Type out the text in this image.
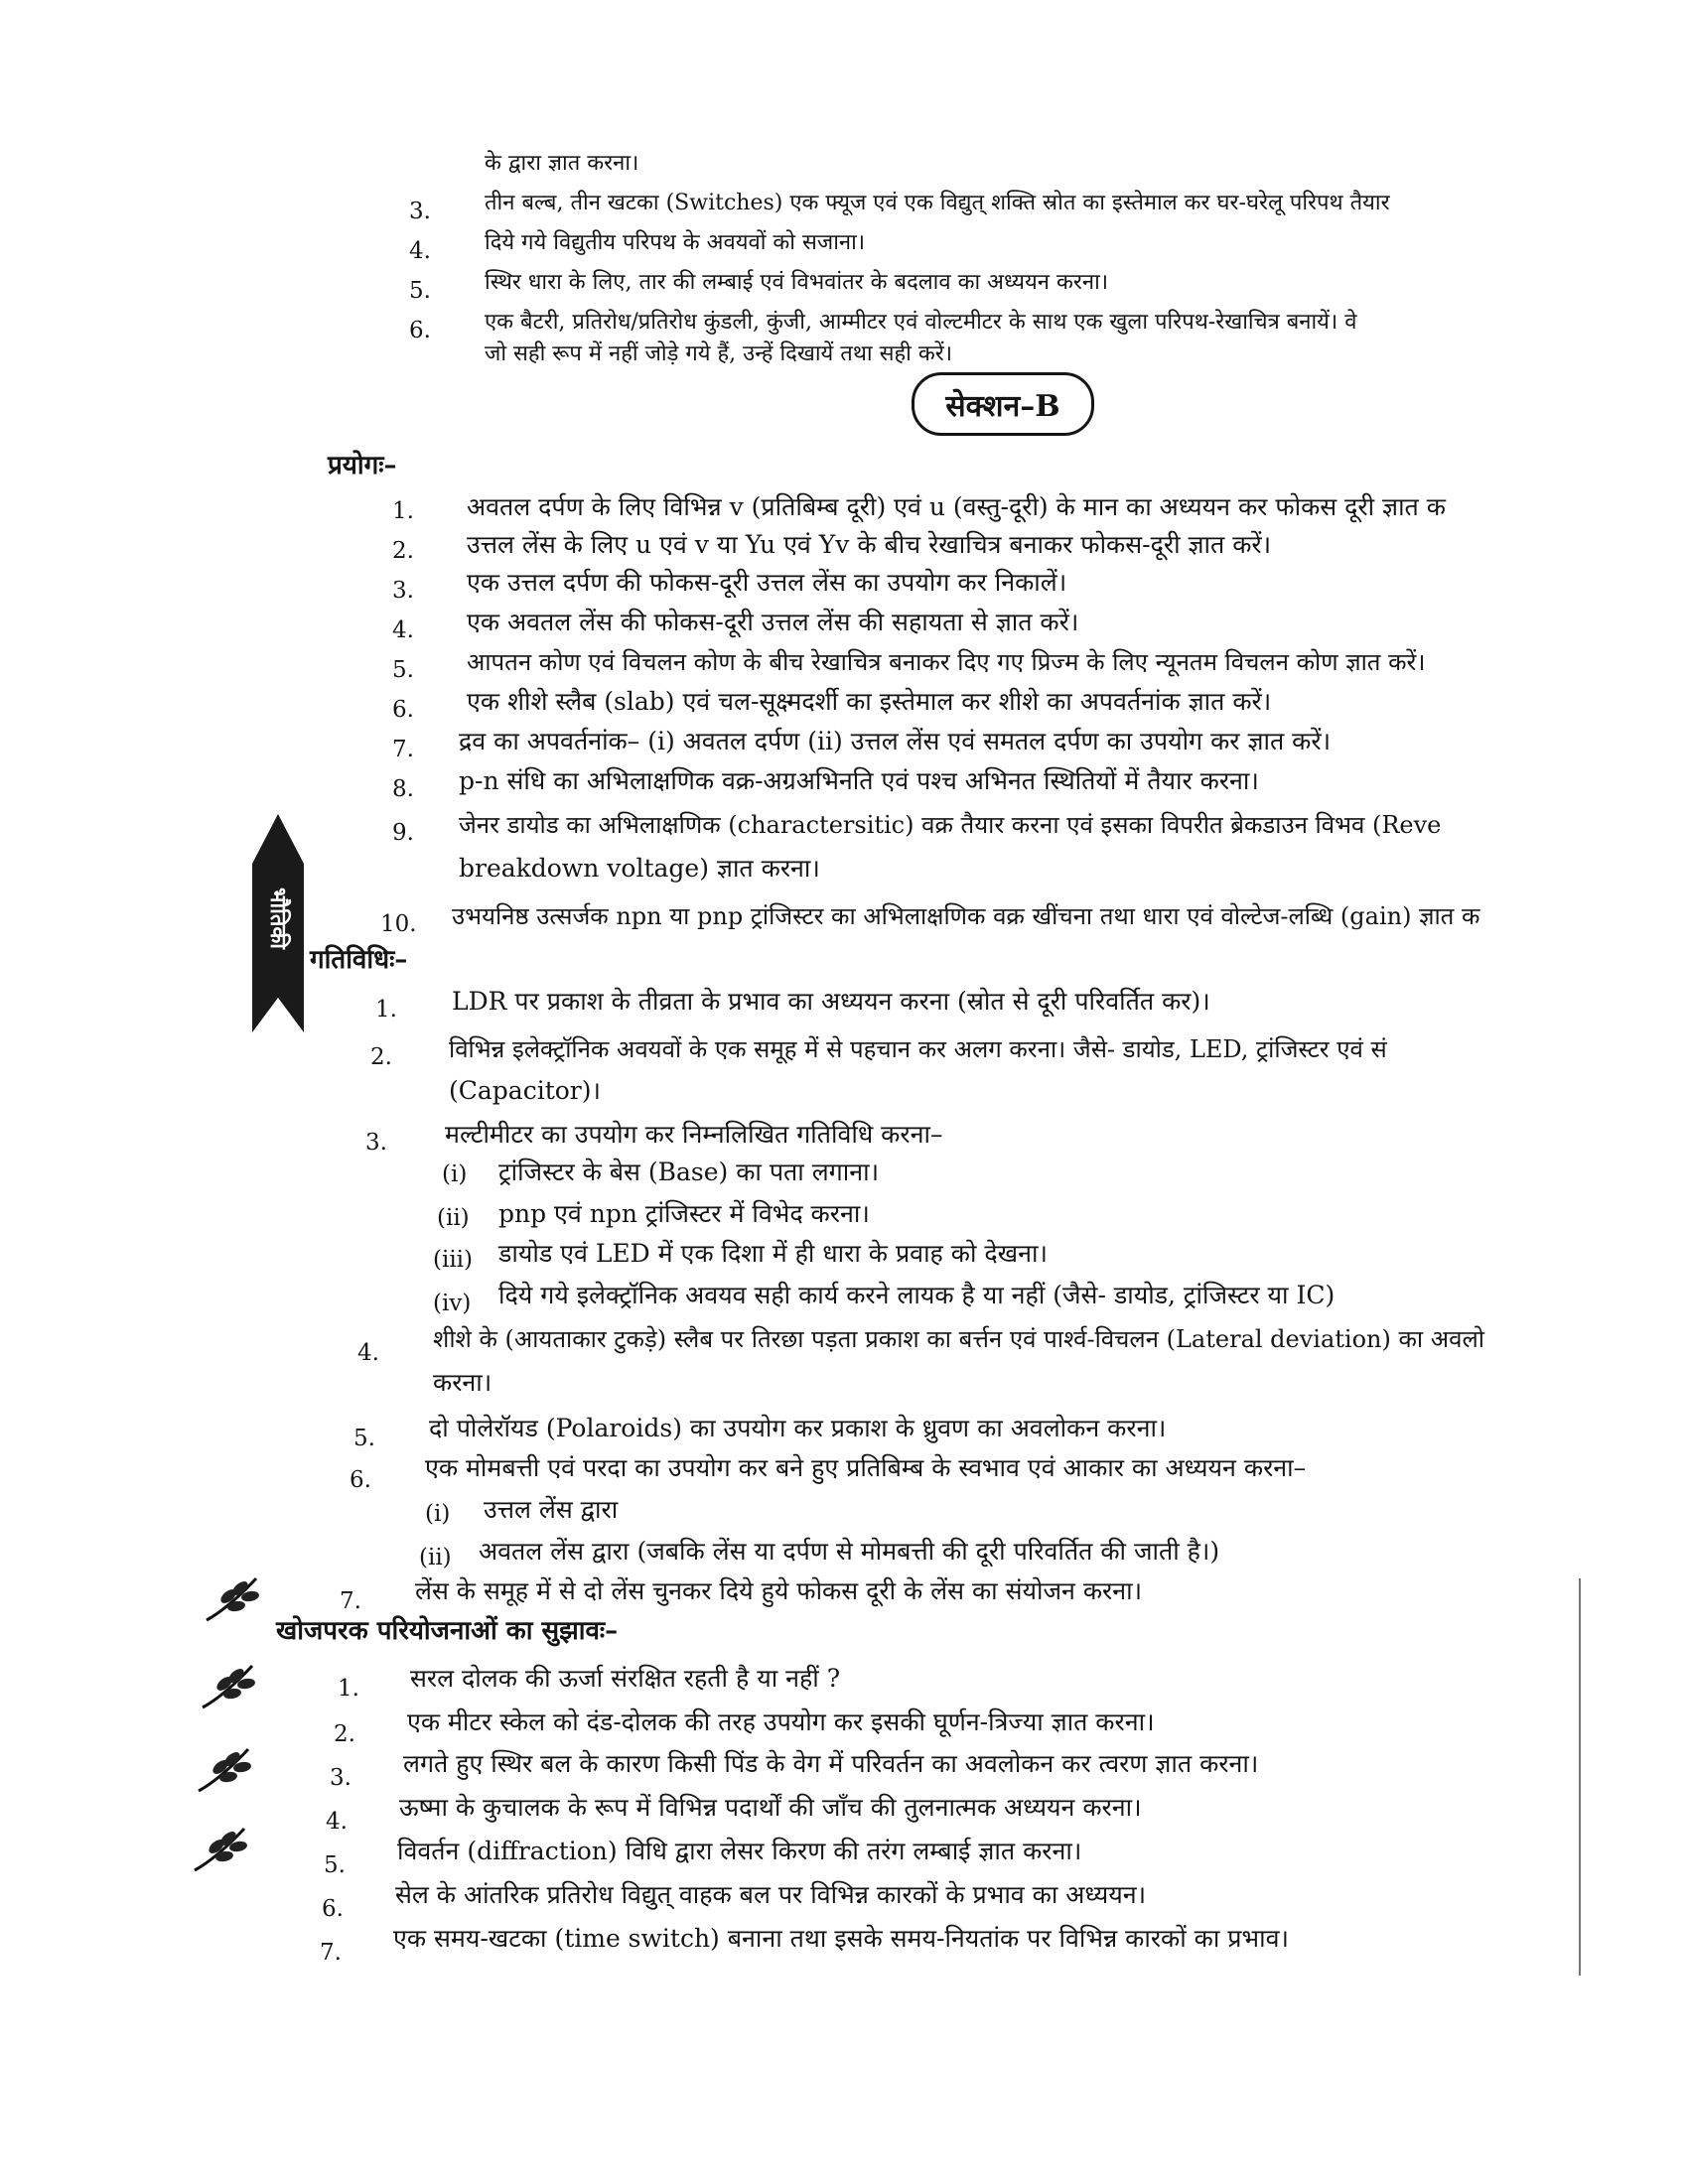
के द्वारा ज्ञात करना।
3. तीन बल्ब, तीन खटका (Switches) एक फ्यूज एवं एक विद्युत् शक्ति स्रोत का इस्तेमाल कर घर-घरेलू परिपथ तैयार
4. दिये गये विद्युतीय परिपथ के अवयवों को सजाना।
5. स्थिर धारा के लिए, तार की लम्बाई एवं विभवांतर के बदलाव का अध्ययन करना।
6. एक बैटरी, प्रतिरोध/प्रतिरोध कुंडली, कुंजी, आम्मीटर एवं वोल्टमीटर के साथ एक खुला परिपथ-रेखाचित्र बनायें। वे
जो सही रूप में नहीं जोड़े गये हैं, उन्हें दिखायें तथा सही करें।
सेक्शन–B
प्रयोगः–
1. अवतल दर्पण के लिए विभिन्न v (प्रतिबिम्ब दूरी) एवं u (वस्तु-दूरी) के मान का अध्ययन कर फोकस दूरी ज्ञात क
2. उत्तल लेंस के लिए u एवं v या Yu एवं Yv के बीच रेखाचित्र बनाकर फोकस-दूरी ज्ञात करें।
3. एक उत्तल दर्पण की फोकस-दूरी उत्तल लेंस का उपयोग कर निकालें।
4. एक अवतल लेंस की फोकस-दूरी उत्तल लेंस की सहायता से ज्ञात करें।
5. आपतन कोण एवं विचलन कोण के बीच रेखाचित्र बनाकर दिए गए प्रिज्म के लिए न्यूनतम विचलन कोण ज्ञात करें।
6. एक शीशे स्लैब (slab) एवं चल-सूक्ष्मदर्शी का इस्तेमाल कर शीशे का अपवर्तनांक ज्ञात करें।
7. द्रव का अपवर्तनांक– (i) अवतल दर्पण (ii) उत्तल लेंस एवं समतल दर्पण का उपयोग कर ज्ञात करें।
8. p-n संधि का अभिलाक्षणिक वक्र-अग्रअभिनति एवं पश्च अभिनत स्थितियों में तैयार करना।
9. जेनर डायोड का अभिलाक्षणिक (charactersitic) वक्र तैयार करना एवं इसका विपरीत ब्रेकडाउन विभव (Reve
breakdown voltage) ज्ञात करना।
10. उभयनिष्ठ उत्सर्जक npn या pnp ट्रांजिस्टर का अभिलाक्षणिक वक्र खींचना तथा धारा एवं वोल्टेज-लब्धि (gain) ज्ञात क
भौतिकी
गतिविधिः–
1. LDR पर प्रकाश के तीव्रता के प्रभाव का अध्ययन करना (स्रोत से दूरी परिवर्तित कर)।
2. विभिन्न इलेक्ट्रॉनिक अवयवों के एक समूह में से पहचान कर अलग करना। जैसे- डायोड, LED, ट्रांजिस्टर एवं सं
(Capacitor)।
3. मल्टीमीटर का उपयोग कर निम्नलिखित गतिविधि करना–
(i) ट्रांजिस्टर के बेस (Base) का पता लगाना।
(ii) pnp एवं npn ट्रांजिस्टर में विभेद करना।
(iii) डायोड एवं LED में एक दिशा में ही धारा के प्रवाह को देखना।
(iv) दिये गये इलेक्ट्रॉनिक अवयव सही कार्य करने लायक है या नहीं (जैसे- डायोड, ट्रांजिस्टर या IC)
4. शीशे के (आयताकार टुकड़े) स्लैब पर तिरछा पड़ता प्रकाश का बर्त्तन एवं पार्श्व-विचलन (Lateral deviation) का अवलो
करना।
5. दो पोलेरॉयड (Polaroids) का उपयोग कर प्रकाश के ध्रुवण का अवलोकन करना।
6. एक मोमबत्ती एवं परदा का उपयोग कर बने हुए प्रतिबिम्ब के स्वभाव एवं आकार का अध्ययन करना–
(i) उत्तल लेंस द्वारा
(ii) अवतल लेंस द्वारा (जबकि लेंस या दर्पण से मोमबत्ती की दूरी परिवर्तित की जाती है।)
7. लेंस के समूह में से दो लेंस चुनकर दिये हुये फोकस दूरी के लेंस का संयोजन करना।
खोजपरक परियोजनाओं का सुझावः–
1. सरल दोलक की ऊर्जा संरक्षित रहती है या नहीं ?
2. एक मीटर स्केल को दंड-दोलक की तरह उपयोग कर इसकी घूर्णन-त्रिज्या ज्ञात करना।
3. लगते हुए स्थिर बल के कारण किसी पिंड के वेग में परिवर्तन का अवलोकन कर त्वरण ज्ञात करना।
4. ऊष्मा के कुचालक के रूप में विभिन्न पदार्थों की जाँच की तुलनात्मक अध्ययन करना।
5. विवर्तन (diffraction) विधि द्वारा लेसर किरण की तरंग लम्बाई ज्ञात करना।
6. सेल के आंतरिक प्रतिरोध विद्युत् वाहक बल पर विभिन्न कारकों के प्रभाव का अध्ययन।
7. एक समय-खटका (time switch) बनाना तथा इसके समय-नियतांक पर विभिन्न कारकों का प्रभाव।
